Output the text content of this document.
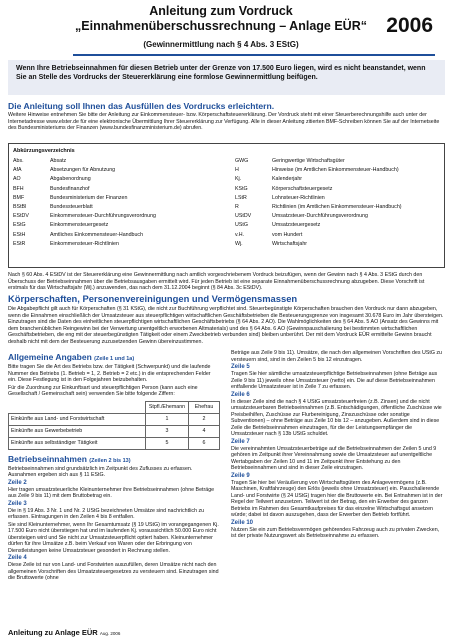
Anleitung zum Vordruck
„Einnahmenüberschussrechnung – Anlage EÜR“
(Gewinnermittlung nach § 4 Abs. 3 EStG)
2006
Wenn Ihre Betriebseinnahmen für diesen Betrieb unter der Grenze von 17.500 Euro liegen, wird es nicht beanstandet, wenn Sie an Stelle des Vordrucks der Steuererklärung eine formlose Gewinnermittlung beifügen.
Die Anleitung soll Ihnen das Ausfüllen des Vordrucks erleichtern.
Weitere Hinweise entnehmen Sie bitte der Anleitung zur Einkommensteuer- bzw. Körperschaftsteuererklärung. Der Vordruck steht mit einer Steuerberechnungshilfe auch unter der Internetadresse www.elster.de für eine elektronische Übermittlung Ihrer Steuererklärung zur Verfügung. Alle in dieser Anleitung zitierten BMF-Schreiben können Sie auf der Internetseite des Bundesministeriums der Finanzen (www.bundesfinanzministerium.de) abrufen.
Abkürzungsverzeichnis
Abs.	Absatz
AfA	Absetzungen für Abnutzung
AO	Abgabenordnung
BFH	Bundesfinanzhof
BMF	Bundesministerium der Finanzen
BStBl	Bundessteuerblatt
EStDV	Einkommensteuer-Durchführungsverordnung
EStG	Einkommensteuergesetz
EStH	Amtliches Einkommensteuer-Handbuch
EStR	Einkommensteuer-Richtlinien
GWG	Geringwertige Wirtschaftsgüter
H	Hinweise (im Amtlichen Einkommensteuer-Handbuch)
Kj.	Kalenderjahr
KStG	Körperschaftsteuergesetz
LStR	Lohnsteuer-Richtlinien
R	Richtlinien (im Amtlichen Einkommensteuer-Handbuch)
UStDV	Umsatzsteuer-Durchführungsverordnung
UStG	Umsatzsteuergesetz
v.H.	vom Hundert
Wj.	Wirtschaftsjahr
Nach § 60 Abs. 4 EStDV ist der Steuererklärung eine Gewinnermittlung nach amtlich vorgeschriebenem Vordruck beizufügen, wenn der Gewinn nach § 4 Abs. 3 EStG durch den Überschuss der Betriebseinnahmen über die Betriebsausgaben ermittelt wird. Für jeden Betrieb ist eine separate Einnahmenüberschussrechnung abzugeben. Diese Vorschrift ist erstmals für das Wirtschaftsjahr (Wj.) anzuwenden, das nach dem 31.12.2004 beginnt (§ 84 Abs. 3c EStDV).
Körperschaften, Personenvereinigungen und Vermögensmassen
Die Abgabepflicht gilt auch für Körperschaften (§ 31 KStG), die nicht zur Buchführung verpflichtet sind. Steuerbegünstigte Körperschaften brauchen den Vordruck nur dann abzugeben, wenn die Einnahmen einschließlich der Umsatzsteuer aus steuerpflichtigen wirtschaftlichen Geschäftsbetrieben die Besteuerungsgrenze von insgesamt 30.678 Euro im Jahr übersteigen. Einzutragen sind die Daten des einheitlichen steuerpflichtigen wirtschaftlichen Geschäftsbetriebs (§ 64 Abs. 2 AO). Die Wahlmöglichkeiten des § 64 Abs. 5 AO (Ansatz des Gewinns mit dem branchenüblichen Reingewinn bei der Verwertung unentgeltlich erworbenen Altmaterials) und des § 64 Abs. 6 AO (Gewinnpauschalierung bei bestimmten wirtschaftlichen Geschäftsbetrieben, die eng mit der steuerbegünstigten Tätigkeit oder einem Zweckbetrieb verbunden sind) bleiben unberührt. Der mit dem Vordruck EÜR ermittelte Gewinn braucht deshalb nicht mit dem der Besteuerung zuzusetzenden Gewinn übereinzustimmen.
Allgemeine Angaben (Zeile 1 und 1a)
Bitte tragen Sie die Art des Betriebs bzw. der Tätigkeit (Schwerpunkt) und die laufende Nummer des Betriebs (1. Betrieb = 1, 2. Betrieb = 2 etc.) in die entsprechenden Felder ein. Diese Festlegung ist in den Folgejahren beizubehalten.
Für die Zuordnung zur Einkunftsart und steuerpflichtigen Person (kann auch eine Gesellschaft / Gemeinschaft sein) verwenden Sie bitte folgende Ziffern:
	Stpfl./Ehemann	Ehefrau
Einkünfte aus Land- und Forstwirtschaft	1	2
Einkünfte aus Gewerbebetrieb	3	4
Einkünfte aus selbständiger Tätigkeit	5	6
Betriebseinnahmen (Zeilen 2 bis 13)
Betriebseinnahmen sind grundsätzlich im Zeitpunkt des Zuflusses zu erfassen. Ausnahmen ergeben sich aus § 11 EStG.
Zeile 2
Hier tragen umsatzsteuerliche Kleinunternehmer ihre Betriebseinnahmen (ohne Beträge aus Zeile 9 bis 11) mit dem Bruttobetrag ein.
Zeile 3
Die in § 19 Abs. 3 Nr. 1 und Nr. 2 UStG bezeichneten Umsätze sind nachrichtlich zu erfassen. Eintragungen in den Zeilen 4 bis 8 entfallen.
Sie sind Kleinunternehmer, wenn Ihr Gesamtumsatz (§ 19 UStG) im vorangegangenen Kj. 17.500 Euro nicht überstiegen hat und im laufenden Kj. voraussichtlich 50.000 Euro nicht übersteigen wird und Sie nicht zur Umsatzsteuerpflicht optiert haben. Kleinunternehmer dürfen für ihre Umsätze z.B. beim Verkauf von Waren oder der Erbringung von Dienstleistungen keine Umsatzsteuer gesondert in Rechnung stellen.
Zeile 4
Diese Zeile ist nur von Land- und Forstwirten auszufüllen, deren Umsätze nicht nach den allgemeinen Vorschriften des Umsatzsteuergesetzes zu versteuern sind. Einzutragen sind die Bruttowerte (ohne
Beträge aus Zeile 9 bis 11). Umsätze, die nach den allgemeinen Vorschriften des UStG zu versteuern sind, sind in den Zeilen 5 bis 12 einzutragen.
Zeile 5
Tragen Sie hier sämtliche umsatzsteuerpflichtige Betriebseinnahmen (ohne Beträge aus Zeile 9 bis 11) jeweils ohne Umsatzsteuer (netto) ein. Die auf diese Betriebseinnahmen entfallende Umsatzsteuer ist in Zeile 7 zu erfassen.
Zeile 6
In dieser Zeile sind die nach § 4 UStG umsatzsteuerfreien (z.B. Zinsen) und die nicht umsatzsteuerbaren Betriebseinnahmen (z.B. Entschädigungen, öffentliche Zuschüsse wie Preisbeihilfen, Zuschüsse zur Flurbereinigung, Zinszuschüsse oder sonstige Subventionen) – ohne Beträge aus Zeile 10 bis 12 – anzugeben. Außerdem sind in diese Zeile die Betriebseinnahmen einzutragen, für die der Leistungsempfänger die Umsatzsteuer nach § 13b UStG schuldet.
Zeile 7
Die vereinnahmten Umsatzsteuerbeträge auf die Betriebseinnahmen der Zeilen 5 und 9 gehören im Zeitpunkt ihrer Vereinnahmung sowie die Umsatzsteuer auf unentgeltliche Wertabgaben der Zeilen 10 und 11 im Zeitpunkt ihrer Entstehung zu den Betriebseinnahmen und sind in dieser Zeile einzutragen.
Zeile 9
Tragen Sie hier bei Veräußerung von Wirtschaftsgütern des Anlagevermögens (z.B. Maschinen, Kraftfahrzeuge) den Erlös (jeweils ohne Umsatzsteuer) ein. Pauschalierende Land- und Forstwirte (§ 24 UStG) tragen hier die Bruttowerte ein. Bei Entnahmen ist in der Regel der Teilwert anzusetzen. Teilwert ist der Betrag, den ein Erwerber des ganzen Betriebs im Rahmen des Gesamtkaufpreises für das einzelne Wirtschaftsgut ansetzen würde; dabei ist davon auszugehen, dass der Erwerber den Betrieb fortführt.
Zeile 10
Nutzen Sie ein zum Betriebsvermögen gehörendes Fahrzeug auch zu privaten Zwecken, ist der private Nutzungswert als Betriebseinnahme zu erfassen.
Anleitung zu Anlage EÜR Aug. 2006
